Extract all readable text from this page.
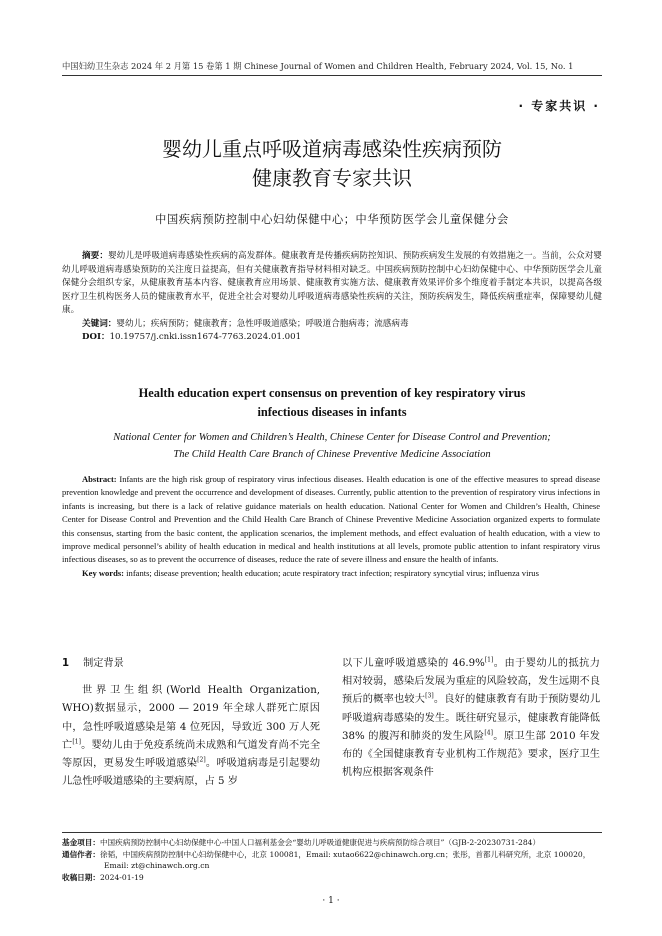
中国妇幼卫生杂志 2024 年 2 月第 15 卷第 1 期 Chinese Journal of Women and Children Health, February 2024, Vol. 15, No. 1
· 专家共识 ·
婴幼儿重点呼吸道病毒感染性疾病预防
健康教育专家共识
中国疾病预防控制中心妇幼保健中心；中华预防医学会儿童保健分会

摘要：婴幼儿是呼吸道病毒感染性疾病的高发群体。健康教育是传播疾病防控知识、预防疾病发生发展的有效措施之一。当前，公众对婴幼儿呼吸道病毒感染预防的关注度日益提高，但有关健康教育指导材料相对缺乏。中国疾病预防控制中心妇幼保健中心、中华预防医学会儿童保健分会组织专家，从健康教育基本内容、健康教育应用场景、健康教育实施方法、健康教育效果评价多个维度着手制定本共识，以提高各级医疗卫生机构医务人员的健康教育水平，促进全社会对婴幼儿呼吸道病毒感染性疾病的关注，预防疾病发生，降低疾病重症率，保障婴幼儿健康。

关键词：婴幼儿；疾病预防；健康教育；急性呼吸道感染；呼吸道合胞病毒；流感病毒

DOI：10.19757/j.cnki.issn1674-7763.2024.01.001

Health education expert consensus on prevention of key respiratory virus
infectious diseases in infants
National Center for Women and Children’s Health, Chinese Center for Disease Control and Prevention;
The Child Health Care Branch of Chinese Preventive Medicine Association

Abstract: Infants are the high risk group of respiratory virus infectious diseases. Health education is one of the effective measures to spread disease prevention knowledge and prevent the occurrence and development of diseases. Currently, public attention to the prevention of respiratory virus infections in infants is increasing, but there is a lack of relative guidance materials on health education. National Center for Women and Children’s Health, Chinese Center for Disease Control and Prevention and the Child Health Care Branch of Chinese Preventive Medicine Association organized experts to formulate this consensus, starting from the basic content, the application scenarios, the implement methods, and effect evaluation of health education, with a view to improve medical personnel’s ability of health education in medical and health institutions at all levels, promote public attention to infant respiratory virus infectious diseases, so as to prevent the occurrence of diseases, reduce the rate of severe illness and ensure the health of infants.

Key words: infants; disease prevention; health education; acute respiratory tract infection; respiratory syncytial virus; influenza virus

1 制定背景

世界卫生组织(World Health Organization, WHO)数据显示，2000 — 2019 年全球人群死亡原因中，急性呼吸道感染是第 4 位死因，导致近 300 万人死亡[1]。婴幼儿由于免疫系统尚未成熟和气道发育尚不完全等原因，更易发生呼吸道感染[2]。呼吸道病毒是引起婴幼儿急性呼吸道感染的主要病原，占 5 岁

以下儿童呼吸道感染的 46.9%[1]。由于婴幼儿的抵抗力相对较弱，感染后发展为重症的风险较高，发生远期不良预后的概率也较大[3]。良好的健康教育有助于预防婴幼儿呼吸道病毒感染的发生。既往研究显示，健康教育能降低 38% 的腹泻和肺炎的发生风险[4]。原卫生部 2010 年发布的《全国健康教育专业机构工作规范》要求，医疗卫生机构应根据客观条件

基金项目：中国疾病预防控制中心妇幼保健中心-中国人口福利基金会“婴幼儿呼吸道健康促进与疾病预防综合项目”（GJB-2-20230731-284）

通信作者：徐韬，中国疾病预防控制中心妇幼保健中心，北京 100081，Email: xutao6622@chinawch.org.cn；张彤，首都儿科研究所，北京 100020，

Email: zt@chinawch.org.cn

收稿日期：2024-01-19

· 1 ·
